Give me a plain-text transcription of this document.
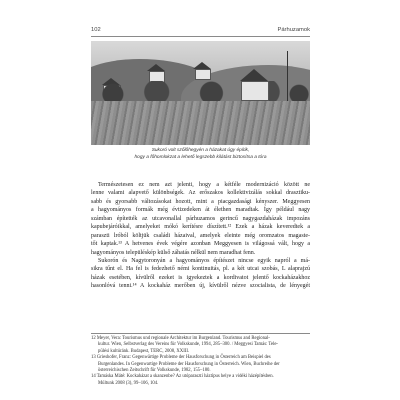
102	Párhuzamok
Sukoró volt szőlőhegyén a házakat úgy építik,
hogy a főhomlokzat a lehető legszebb kilátást biztosítsa a tóra
Természetesen ez nem azt jelenti, hogy a kétféle modernizáció között ne
lenne valami alapvető különbségek. Az erőszakos kollektivizálás sokkal drasztiku-
sabb és gyorsabb változásokat hozott, mint a piacgazdasági kényszer. Meggyesen
a hagyományos formák még évtizedeken át élethen maradtak. Így például nagy
számban építették az utcavonallal párhuzamos gerincű nagygazdaházak impozáns
kapubejáróikkal, amelyeket mókó kerítésre díszített.¹² Ezek a házak keveredtek a
paraszti lróból költjük családi házaival, amelyek eleinte még oromzatos magaste-
tőt kaptak.¹³ A hetvenes évek végére azonban Meggyesen is világossá vált, hogy a
hagyományos településkép külső záhatás nélkül nem maradhat fenn.
Sukorón és Nagytoronyán a hagyományos építészet nincse egyik napról a má-
sikra tűnt el. Ha fel is fedezhető némi kontinuitás, pl. a két utcai szobás, L alaprajzú
házak esetében, kívülről ezeket is igyekeztek a kordivatot jelentő kockaházakhoz
hasonlóvá tenni.¹⁴ A kockaház merőben új, kívülről nézve szocialista, de lényegét
12 Meyer, Vera: Tourismus und regionale Architektur im Burgenland. Tourismus and Regional-
kultur. Wien, Selbstverlag des Vereins für Volkskunde, 1994, 285–300. / Meggyesi Tamás: Tele-
pülési kultúránk. Budapest, TERC, 2008, XXIII.
13 Grieshofer, Franz: Gegenwärtige Probleme der Hausforschung in Österreich am Beispiel des
Burgenlandes. In Gegenwartige Probleme der Hausforschung in Österreich. Wien, Buchreihe der
österreichischen Zeitschrift für Volkskunde, 1982, 155–180.
14 Tamáska Máté: Kockaházat a skanzenbe? Az utóparaszti háztípus helye a vidéki házépítésben.
Múltunk 2008 (3), 99–106, 104.
